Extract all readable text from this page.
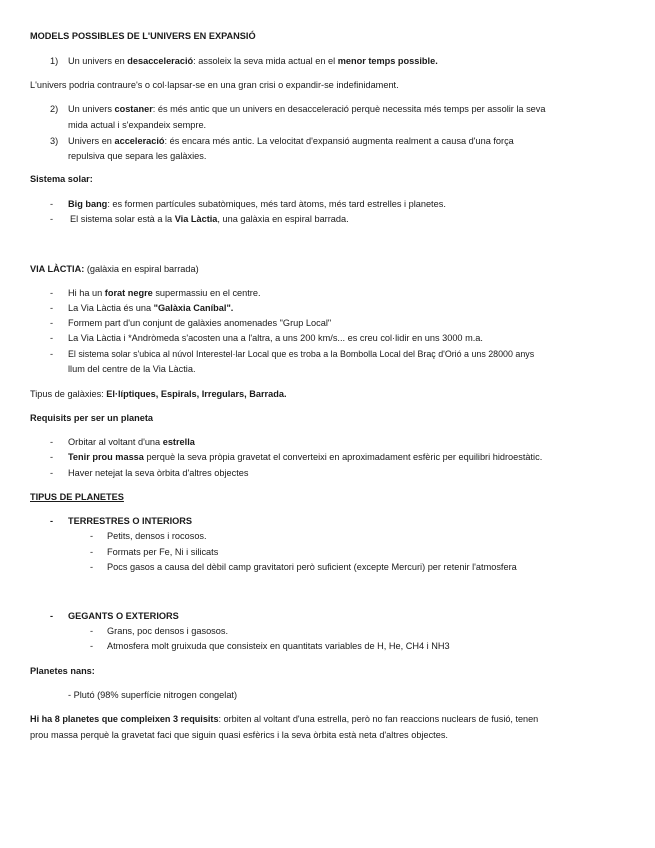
MODELS POSSIBLES DE L'UNIVERS EN EXPANSIÓ
1) Un univers en desacceleració: assoleix la seva mida actual en el menor temps possible.
L'univers podria contraure's o col·lapsar-se en una gran crisi o expandir-se indefinidament.
2) Un univers costaner: és més antic que un univers en desacceleració perquè necessita més temps per assolir la seva
mida actual i s'expandeix sempre.
3) Univers en acceleració: és encara més antic. La velocitat d'expansió augmenta realment a causa d'una força
repulsiva que separa les galàxies.
Sistema solar:
- Big bang: es formen partícules subatòmiques, més tard àtoms, més tard estrelles i planetes.
- El sistema solar està a la Via Làctia, una galàxia en espiral barrada.
VIA LÀCTIA: (galàxia en espiral barrada)
- Hi ha un forat negre supermassiu en el centre.
- La Via Làctia és una "Galàxia Caníbal".
- Formem part d'un conjunt de galàxies anomenades "Grup Local"
- La Via Làctia i *Andròmeda s'acosten una a l'altra, a uns 200 km/s... es creu col·lidir en uns 3000 m.a.
- El sistema solar s'ubica al núvol Interestel·lar Local que es troba a la Bombolla Local del Braç d'Orió a uns 28000 anys
llum del centre de la Via Làctia.
Tipus de galàxies: El·líptiques, Espirals, Irregulars, Barrada.
Requisits per ser un planeta
- Orbitar al voltant d'una estrella
- Tenir prou massa perquè la seva pròpia gravetat el converteixi en aproximadament esfèric per equilibri hidroestàtic.
- Haver netejat la seva òrbita d'altres objectes
TIPUS DE PLANETES
- TERRESTRES O INTERIORS
- Petits, densos i rocosos.
- Formats per Fe, Ni i silicats
- Pocs gasos a causa del dèbil camp gravitatori però suficient (excepte Mercuri) per retenir l'atmosfera
- GEGANTS O EXTERIORS
- Grans, poc densos i gasosos.
- Atmosfera molt gruixuda que consisteix en quantitats variables de H, He, CH4 i NH3
Planetes nans:
- Plutó (98% superfície nitrogen congelat)
Hi ha 8 planetes que compleixen 3 requisits: orbiten al voltant d'una estrella, però no fan reaccions nuclears de fusió, tenen
prou massa perquè la gravetat faci que siguin quasi esfèrics i la seva òrbita està neta d'altres objectes.
